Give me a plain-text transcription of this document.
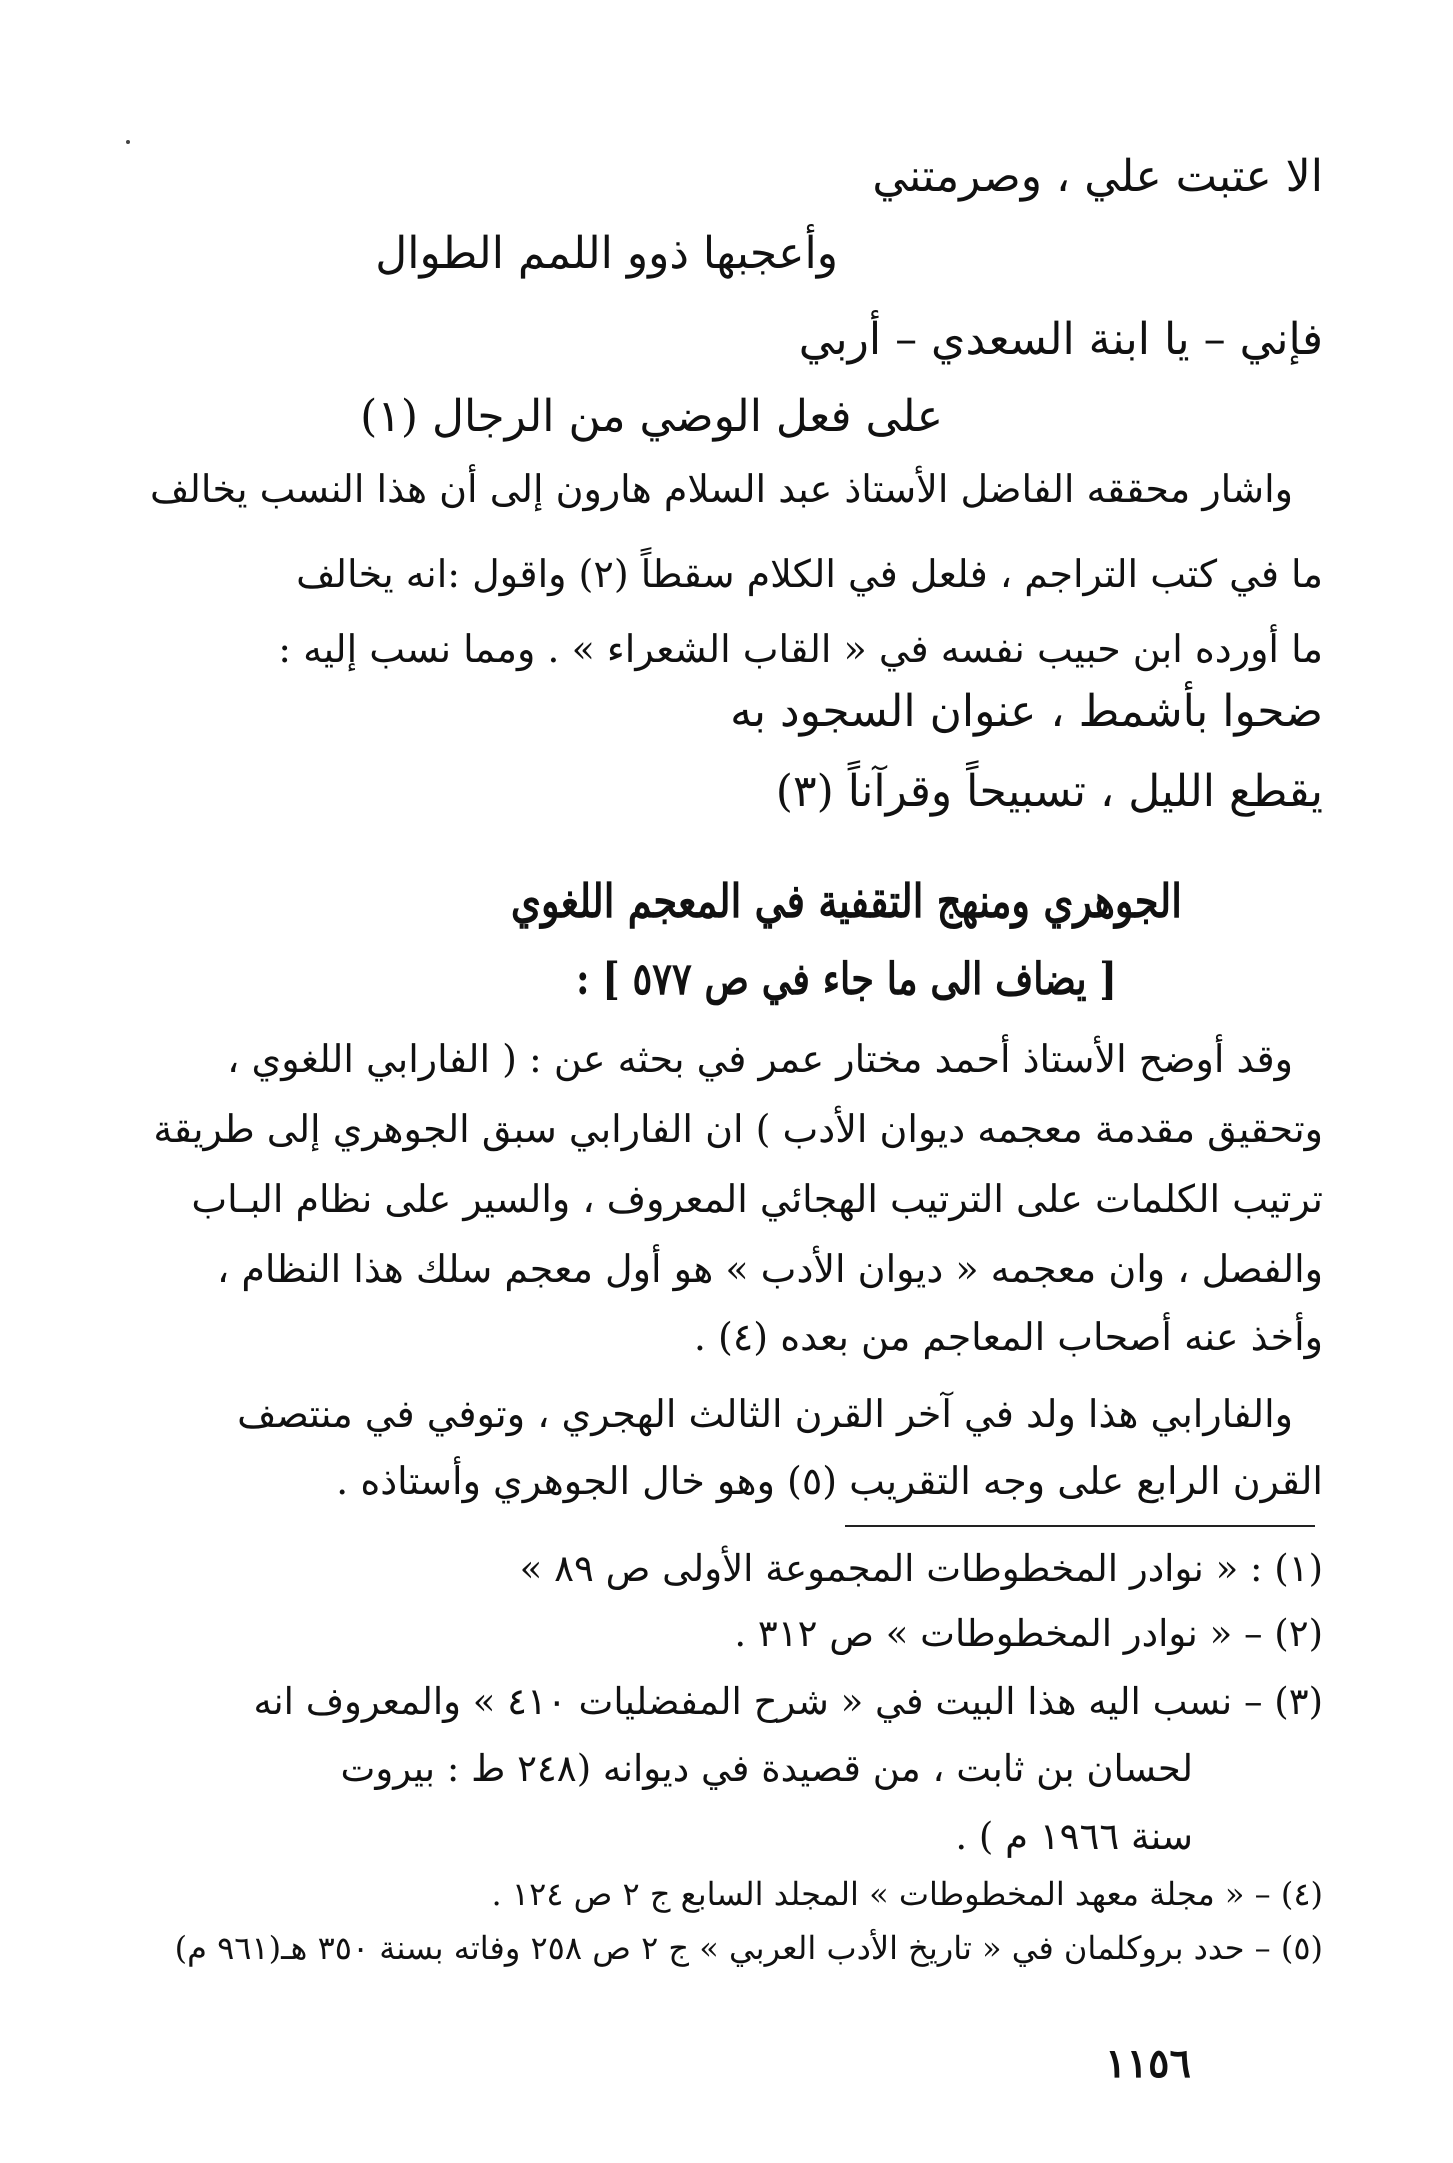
الا عتبت علي ، وصرمتني
وأعجبها ذوو اللمم الطوال
فإني – يا ابنة السعدي – أربي
على فعل الوضي من الرجال (١)
واشار محققه الفاضل الأستاذ عبد السلام هارون إلى أن هذا النسب يخالف
ما في كتب التراجم ، فلعل في الكلام سقطاً (٢) واقول :انه يخالف
ما أورده ابن حبيب نفسه في « القاب الشعراء » . ومما نسب إليه :
ضحوا بأشمط ، عنوان السجود به
يقطع الليل ، تسبيحاً وقرآناً (٣)
الجوهري ومنهج التقفية في المعجم اللغوي
[ يضاف الى ما جاء في ص ٥٧٧ ] :
وقد أوضح الأستاذ أحمد مختار عمر في بحثه عن : ( الفارابي اللغوي ،
وتحقيق مقدمة معجمه ديوان الأدب ) ان الفارابي سبق الجوهري إلى طريقة
ترتيب الكلمات على الترتيب الهجائي المعروف ، والسير على نظام البـاب
والفصل ، وان معجمه « ديوان الأدب » هو أول معجم سلك هذا النظام ،
وأخذ عنه أصحاب المعاجم من بعده (٤) .
والفارابي هذا ولد في آخر القرن الثالث الهجري ، وتوفي في منتصف
القرن الرابع على وجه التقريب (٥) وهو خال الجوهري وأستاذه .
(١) : « نوادر المخطوطات المجموعة الأولى ص ٨٩ »
(٢) – « نوادر المخطوطات » ص ٣١٢ .
(٣) – نسب اليه هذا البيت في « شرح المفضليات ٤١٠ » والمعروف انه
لحسان بن ثابت ، من قصيدة في ديوانه (٢٤٨ ط : بيروت
سنة ١٩٦٦ م ) .
(٤) – « مجلة معهد المخطوطات » المجلد السابع ج ٢ ص ١٢٤ .
(٥) – حدد بروكلمان في « تاريخ الأدب العربي » ج ٢ ص ٢٥٨ وفاته بسنة ٣٥٠ هـ(٩٦١ م)
١١٥٦
